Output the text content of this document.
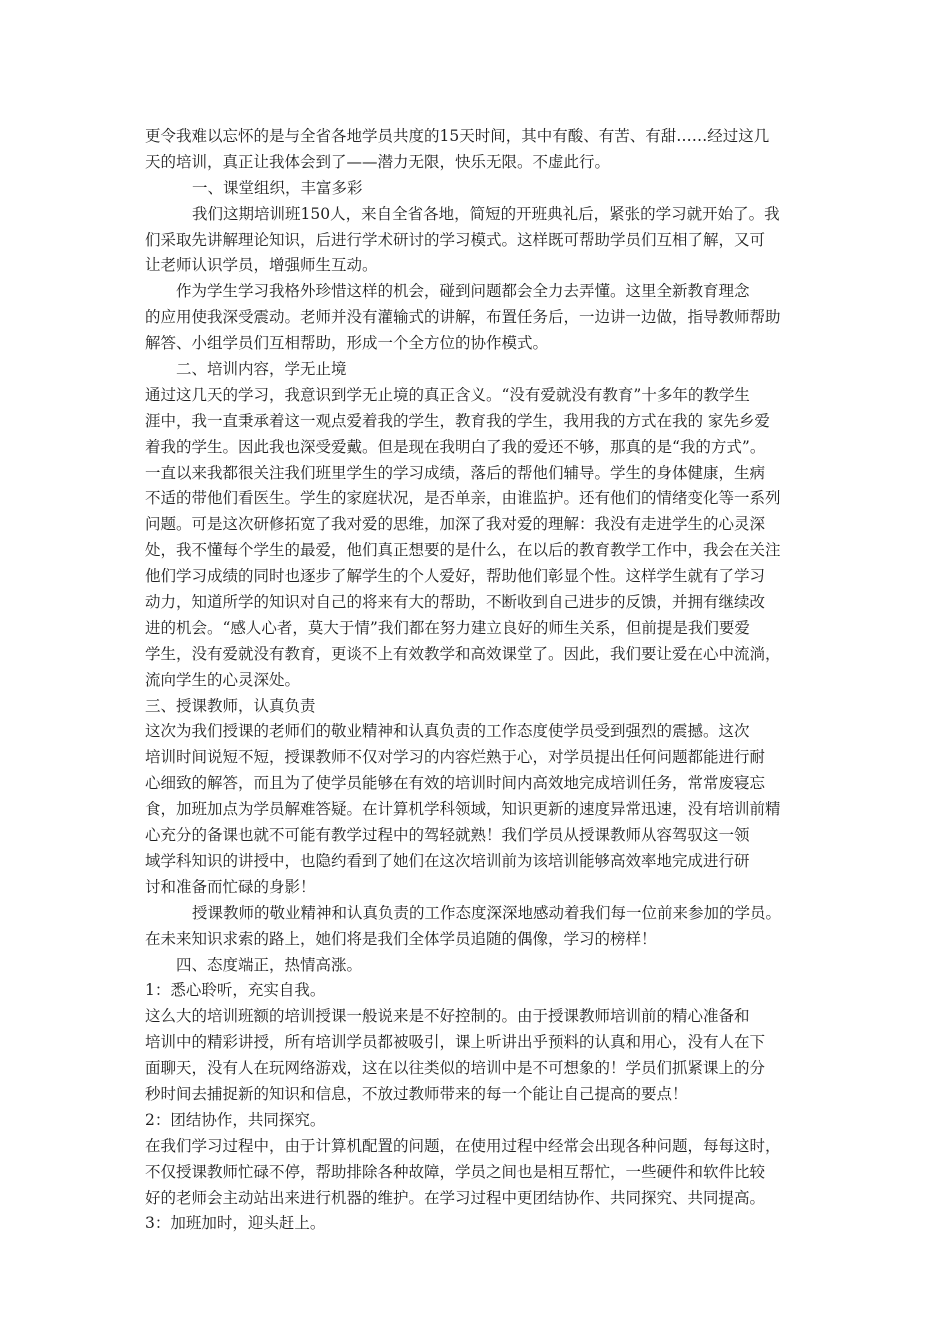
更令我难以忘怀的是与全省各地学员共度的15天时间，其中有酸、有苦、有甜……经过这几
天的培训，真正让我体会到了——潜力无限，快乐无限。不虚此行。
一、课堂组织，丰富多彩
我们这期培训班150人，来自全省各地，简短的开班典礼后，紧张的学习就开始了。我
们采取先讲解理论知识，后进行学术研讨的学习模式。这样既可帮助学员们互相了解，又可
让老师认识学员，增强师生互动。
作为学生学习我格外珍惜这样的机会，碰到问题都会全力去弄懂。这里全新教育理念
的应用使我深受震动。老师并没有灌输式的讲解，布置任务后，一边讲一边做，指导教师帮助
解答、小组学员们互相帮助，形成一个全方位的协作模式。
二、培训内容，学无止境
通过这几天的学习，我意识到学无止境的真正含义。“没有爱就没有教育”十多年的教学生
涯中，我一直秉承着这一观点爱着我的学生，教育我的学生，我用我的方式在我的 家先乡爱
着我的学生。因此我也深受爱戴。但是现在我明白了我的爱还不够，那真的是“我的方式”。
一直以来我都很关注我们班里学生的学习成绩，落后的帮他们辅导。学生的身体健康，生病
不适的带他们看医生。学生的家庭状况，是否单亲，由谁监护。还有他们的情绪变化等一系列
问题。可是这次研修拓宽了我对爱的思维，加深了我对爱的理解：我没有走进学生的心灵深
处，我不懂每个学生的最爱，他们真正想要的是什么，在以后的教育教学工作中，我会在关注
他们学习成绩的同时也逐步了解学生的个人爱好，帮助他们彰显个性。这样学生就有了学习
动力，知道所学的知识对自己的将来有大的帮助，不断收到自己进步的反馈，并拥有继续改
进的机会。“感人心者，莫大于情”我们都在努力建立良好的师生关系，但前提是我们要爱
学生，没有爱就没有教育，更谈不上有效教学和高效课堂了。因此，我们要让爱在心中流淌，
流向学生的心灵深处。
三、授课教师，认真负责
这次为我们授课的老师们的敬业精神和认真负责的工作态度使学员受到强烈的震撼。这次
培训时间说短不短，授课教师不仅对学习的内容烂熟于心，对学员提出任何问题都能进行耐
心细致的解答，而且为了使学员能够在有效的培训时间内高效地完成培训任务，常常废寝忘
食，加班加点为学员解难答疑。在计算机学科领域，知识更新的速度异常迅速，没有培训前精
心充分的备课也就不可能有教学过程中的驾轻就熟！我们学员从授课教师从容驾驭这一领
域学科知识的讲授中，也隐约看到了她们在这次培训前为该培训能够高效率地完成进行研
讨和准备而忙碌的身影！
授课教师的敬业精神和认真负责的工作态度深深地感动着我们每一位前来参加的学员。
在未来知识求索的路上，她们将是我们全体学员追随的偶像，学习的榜样！
四、态度端正，热情高涨。
1：悉心聆听，充实自我。
这么大的培训班额的培训授课一般说来是不好控制的。由于授课教师培训前的精心准备和
培训中的精彩讲授，所有培训学员都被吸引，课上听讲出乎预料的认真和用心，没有人在下
面聊天，没有人在玩网络游戏，这在以往类似的培训中是不可想象的！学员们抓紧课上的分
秒时间去捕捉新的知识和信息，不放过教师带来的每一个能让自己提高的要点！
2：团结协作，共同探究。
在我们学习过程中，由于计算机配置的问题，在使用过程中经常会出现各种问题，每每这时，
不仅授课教师忙碌不停，帮助排除各种故障，学员之间也是相互帮忙，一些硬件和软件比较
好的老师会主动站出来进行机器的维护。在学习过程中更团结协作、共同探究、共同提高。
3：加班加时，迎头赶上。
